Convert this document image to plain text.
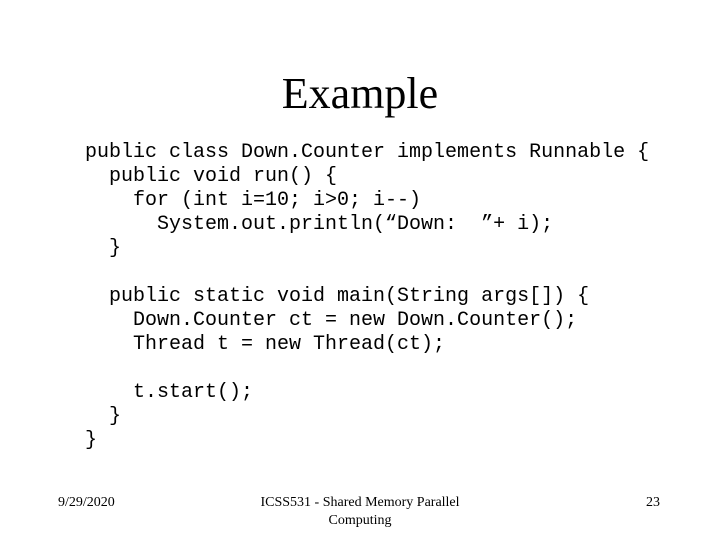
Example
public class Down.Counter implements Runnable {
public void run() {
for (int i=10; i>0; i--)
System.out.println(“Down:  ”+ i);
}
public static void main(String args[]) {
Down.Counter ct = new Down.Counter();
Thread t = new Thread(ct);
t.start();
}
}
9/29/2020	ICSS531 - Shared Memory Parallel
Computing
23
